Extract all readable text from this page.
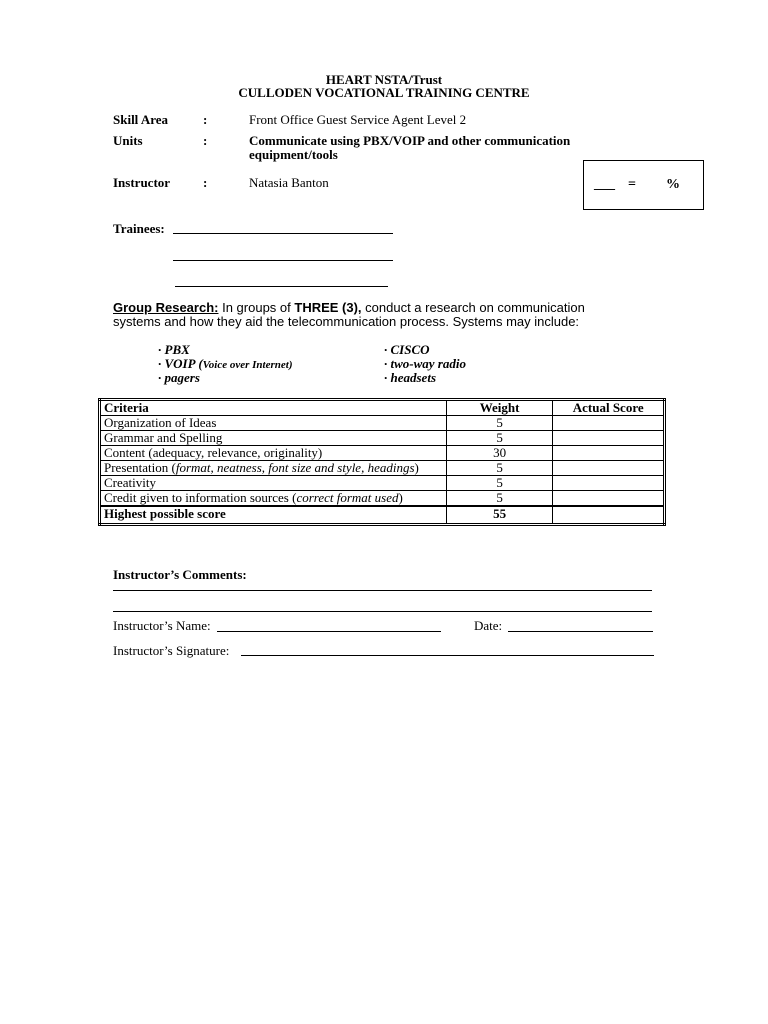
HEART NSTA/Trust
CULLODEN VOCATIONAL TRAINING CENTRE
Skill Area	:	Front Office Guest Service Agent Level 2
Units	:	Communicate using PBX/VOIP and other communication
equipment/tools
Instructor	:	Natasia Banton	___ = %
Trainees:
Group Research: In groups of THREE (3), conduct a research on communication
systems and how they aid the telecommunication process. Systems may include:
· PBX
· VOIP (Voice over Internet)
· pagers
· CISCO
· two-way radio
· headsets
Criteria	Weight	Actual Score
Organization of Ideas	5	
Grammar and Spelling	5	
Content (adequacy, relevance, originality)	30	
Presentation (format, neatness, font size and style, headings)	5	
Creativity	5	
Credit given to information sources (correct format used)	5	
Highest possible score	55	
Instructor’s Comments:
Instructor’s Name:	Date:
Instructor’s Signature:
